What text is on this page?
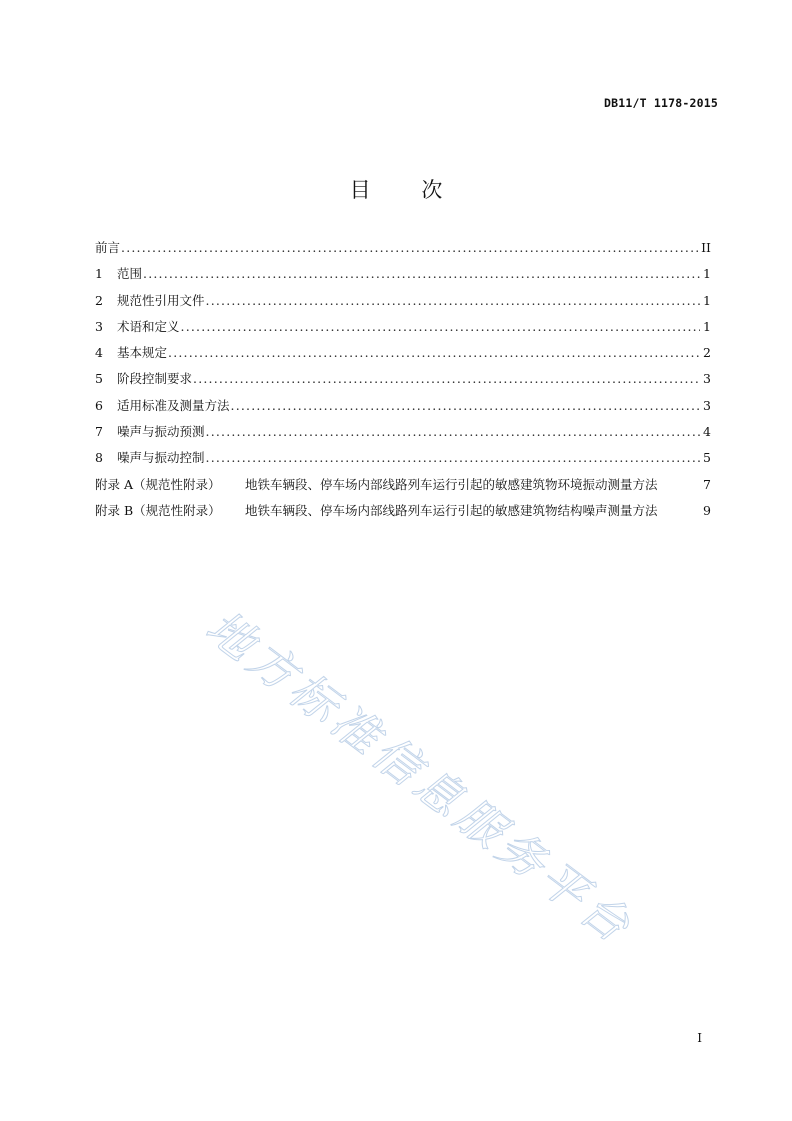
DB11/T 1178-2015
目 次
前言 .....	II
1	范围 .....	1
2	规范性引用文件 .....	1
3	术语和定义 .....	1
4	基本规定 .....	2
5	阶段控制要求 .....	3
6	适用标准及测量方法 .....	3
7	噪声与振动预测 .....	4
8	噪声与振动控制 .....	5
附录 A（规范性附录） 地铁车辆段、停车场内部线路列车运行引起的敏感建筑物环境振动测量方法	7
附录 B（规范性附录） 地铁车辆段、停车场内部线路列车运行引起的敏感建筑物结构噪声测量方法	9
地方标准信息服务平台
I
